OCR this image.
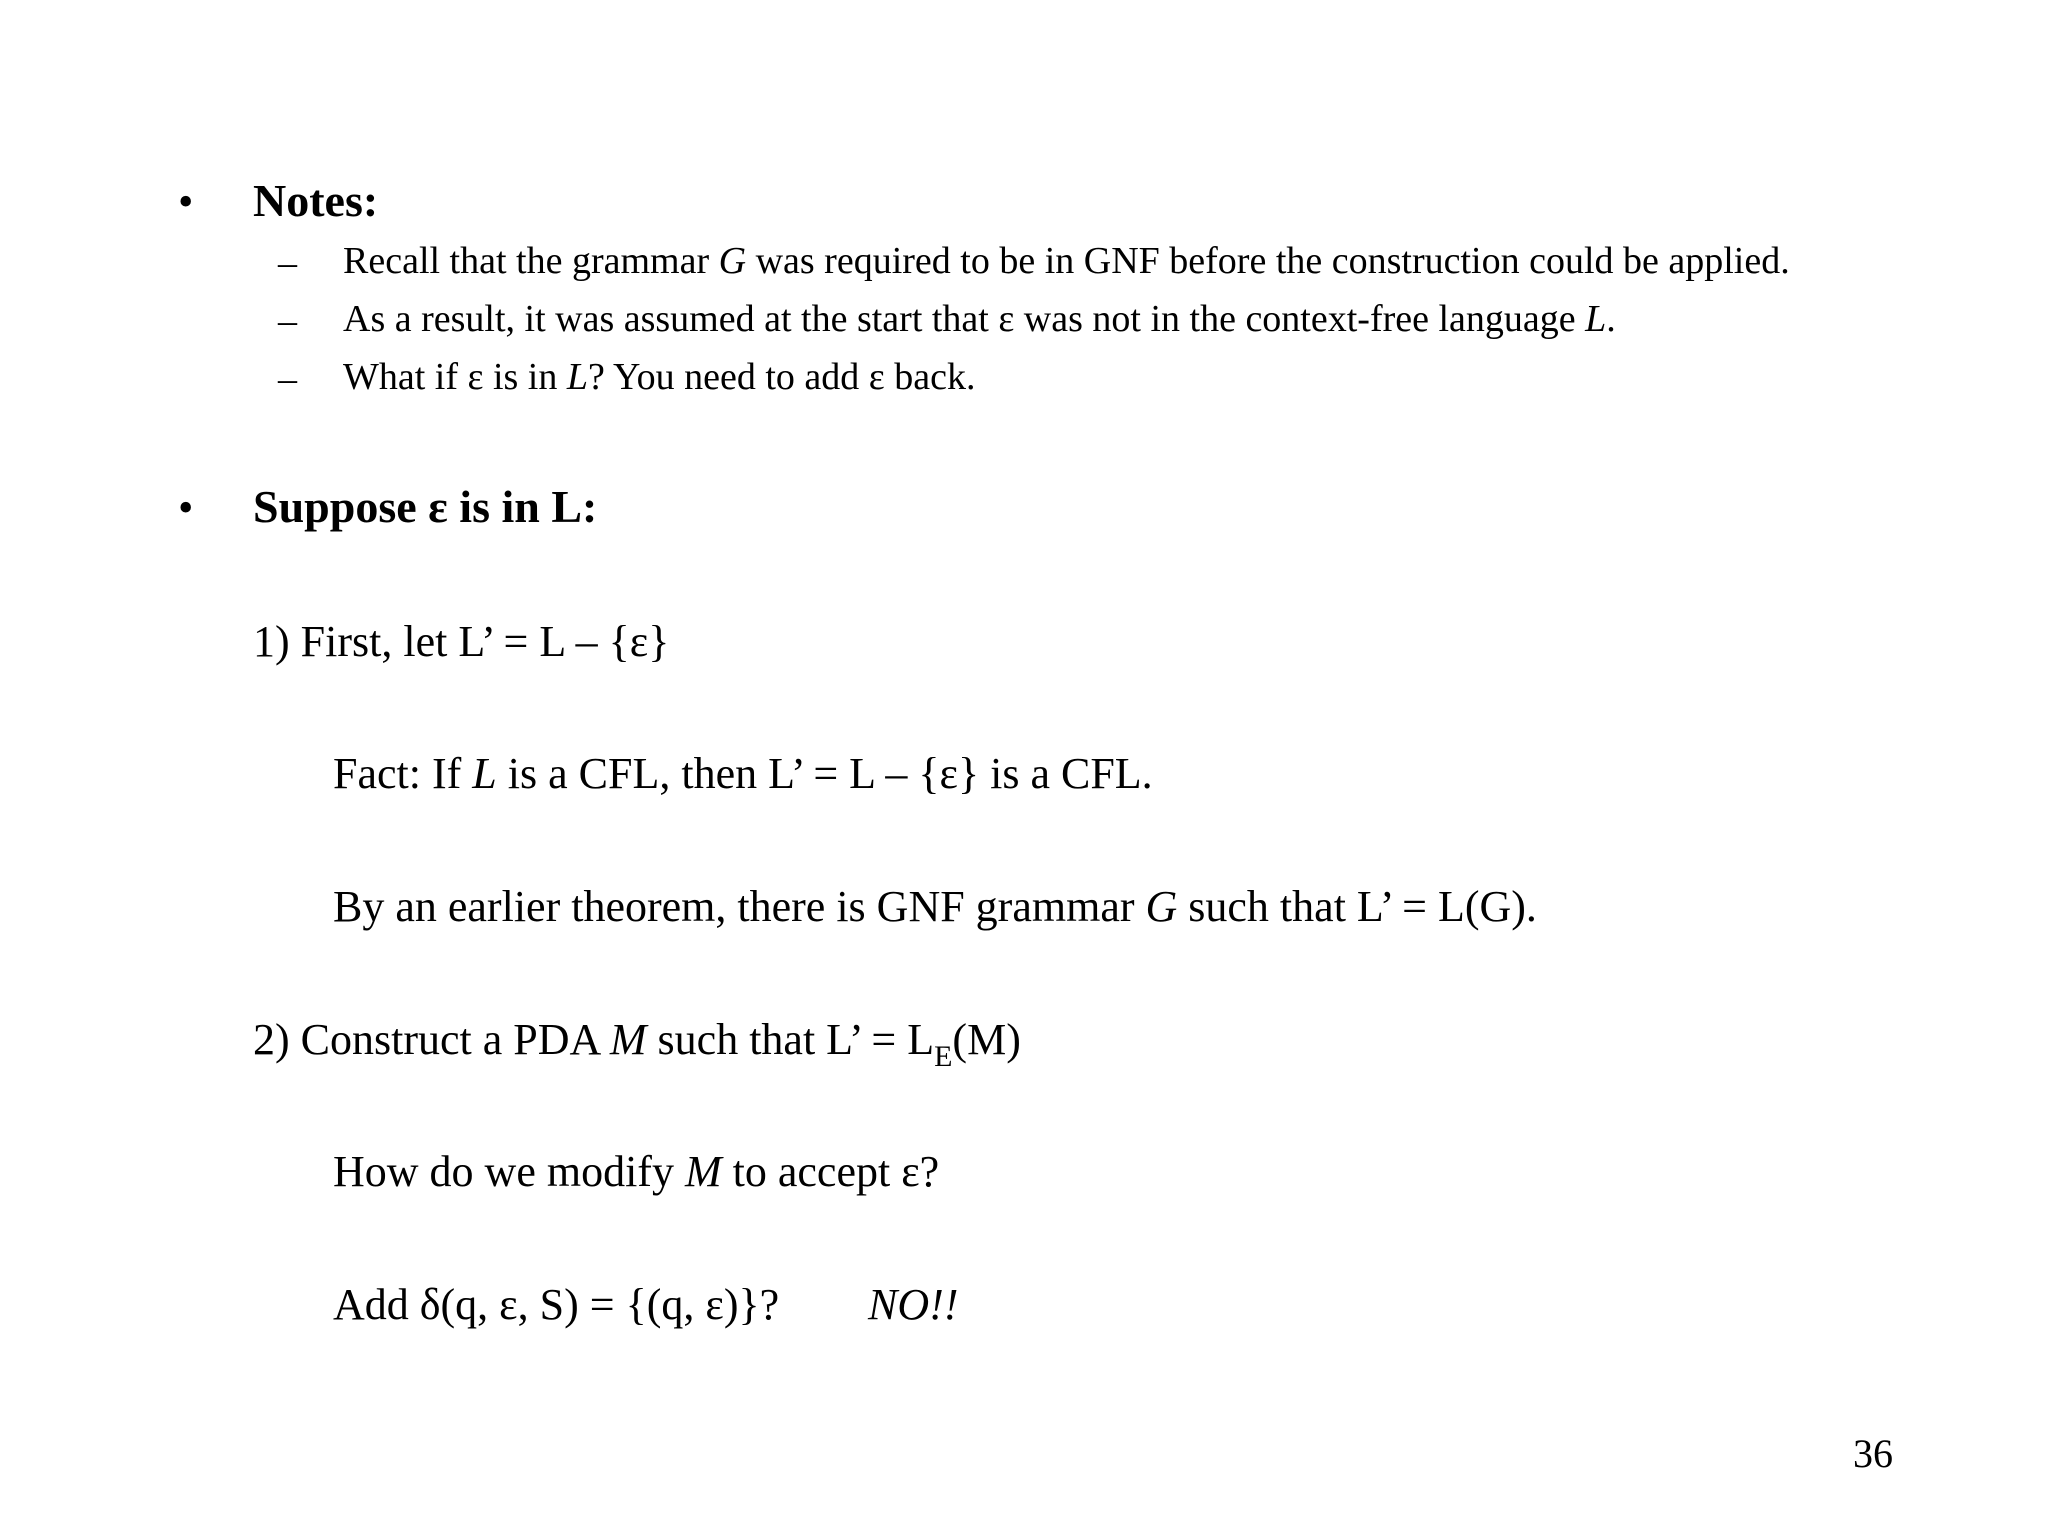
• Notes:
– Recall that the grammar G was required to be in GNF before the construction could be applied.
– As a result, it was assumed at the start that ε was not in the context-free language L.
– What if ε is in L? You need to add ε back.
• Suppose ε is in L:
1) First, let L’ = L – {ε}
Fact: If L is a CFL, then L’ = L – {ε} is a CFL.
By an earlier theorem, there is GNF grammar G such that L’ = L(G).
2) Construct a PDA M such that L’ = $L_E(M)$
How do we modify M to accept ε?
Add δ(q, ε, S) = {(q, ε)}? NO!!
36
